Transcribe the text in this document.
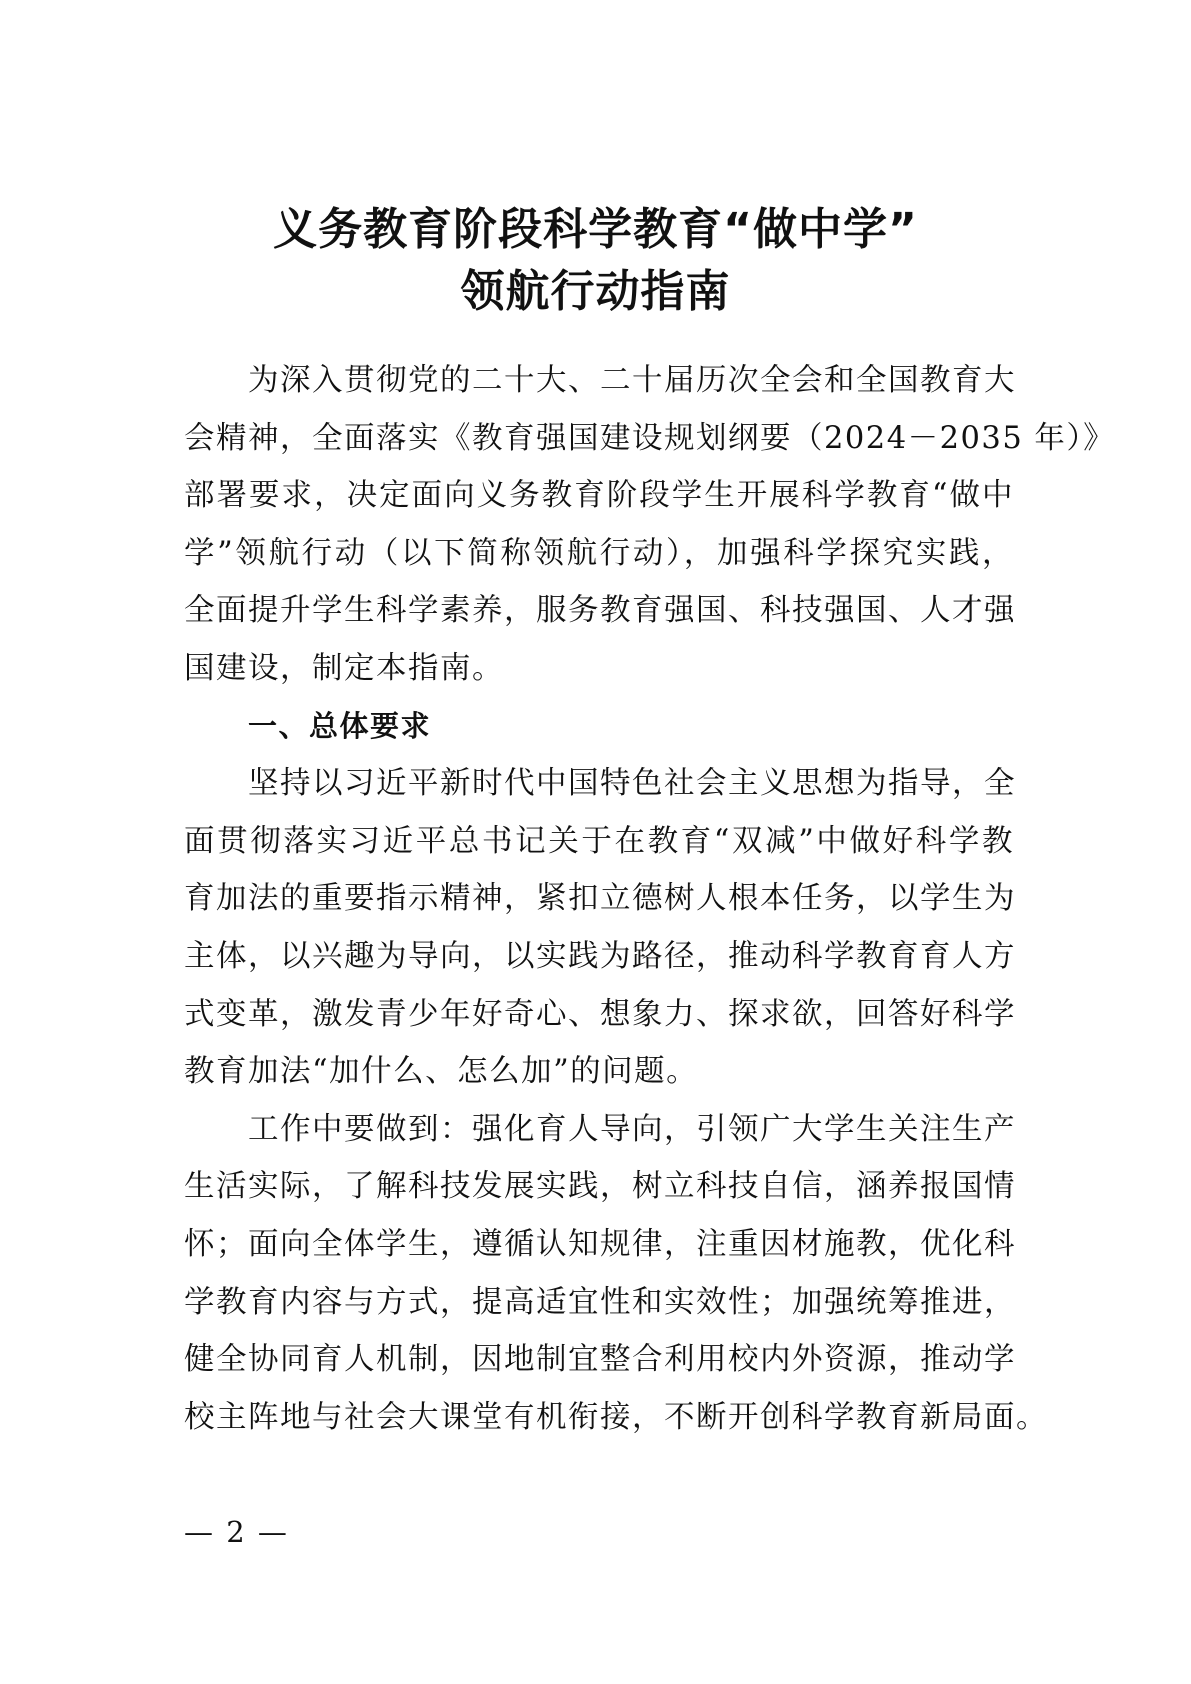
义务教育阶段科学教育“做中学”
领航行动指南
为深入贯彻党的二十大、二十届历次全会和全国教育大
会精神，全面落实《教育强国建设规划纲要（2024－2035 年）》
部署要求，决定面向义务教育阶段学生开展科学教育“做中
学”领航行动（以下简称领航行动），加强科学探究实践，
全面提升学生科学素养，服务教育强国、科技强国、人才强
国建设，制定本指南。
一、总体要求
坚持以习近平新时代中国特色社会主义思想为指导，全
面贯彻落实习近平总书记关于在教育“双减”中做好科学教
育加法的重要指示精神，紧扣立德树人根本任务，以学生为
主体，以兴趣为导向，以实践为路径，推动科学教育育人方
式变革，激发青少年好奇心、想象力、探求欲，回答好科学
教育加法“加什么、怎么加”的问题。
工作中要做到：强化育人导向，引领广大学生关注生产
生活实际，了解科技发展实践，树立科技自信，涵养报国情
怀；面向全体学生，遵循认知规律，注重因材施教，优化科
学教育内容与方式，提高适宜性和实效性；加强统筹推进，
健全协同育人机制，因地制宜整合利用校内外资源，推动学
校主阵地与社会大课堂有机衔接，不断开创科学教育新局面。
— 2 —
